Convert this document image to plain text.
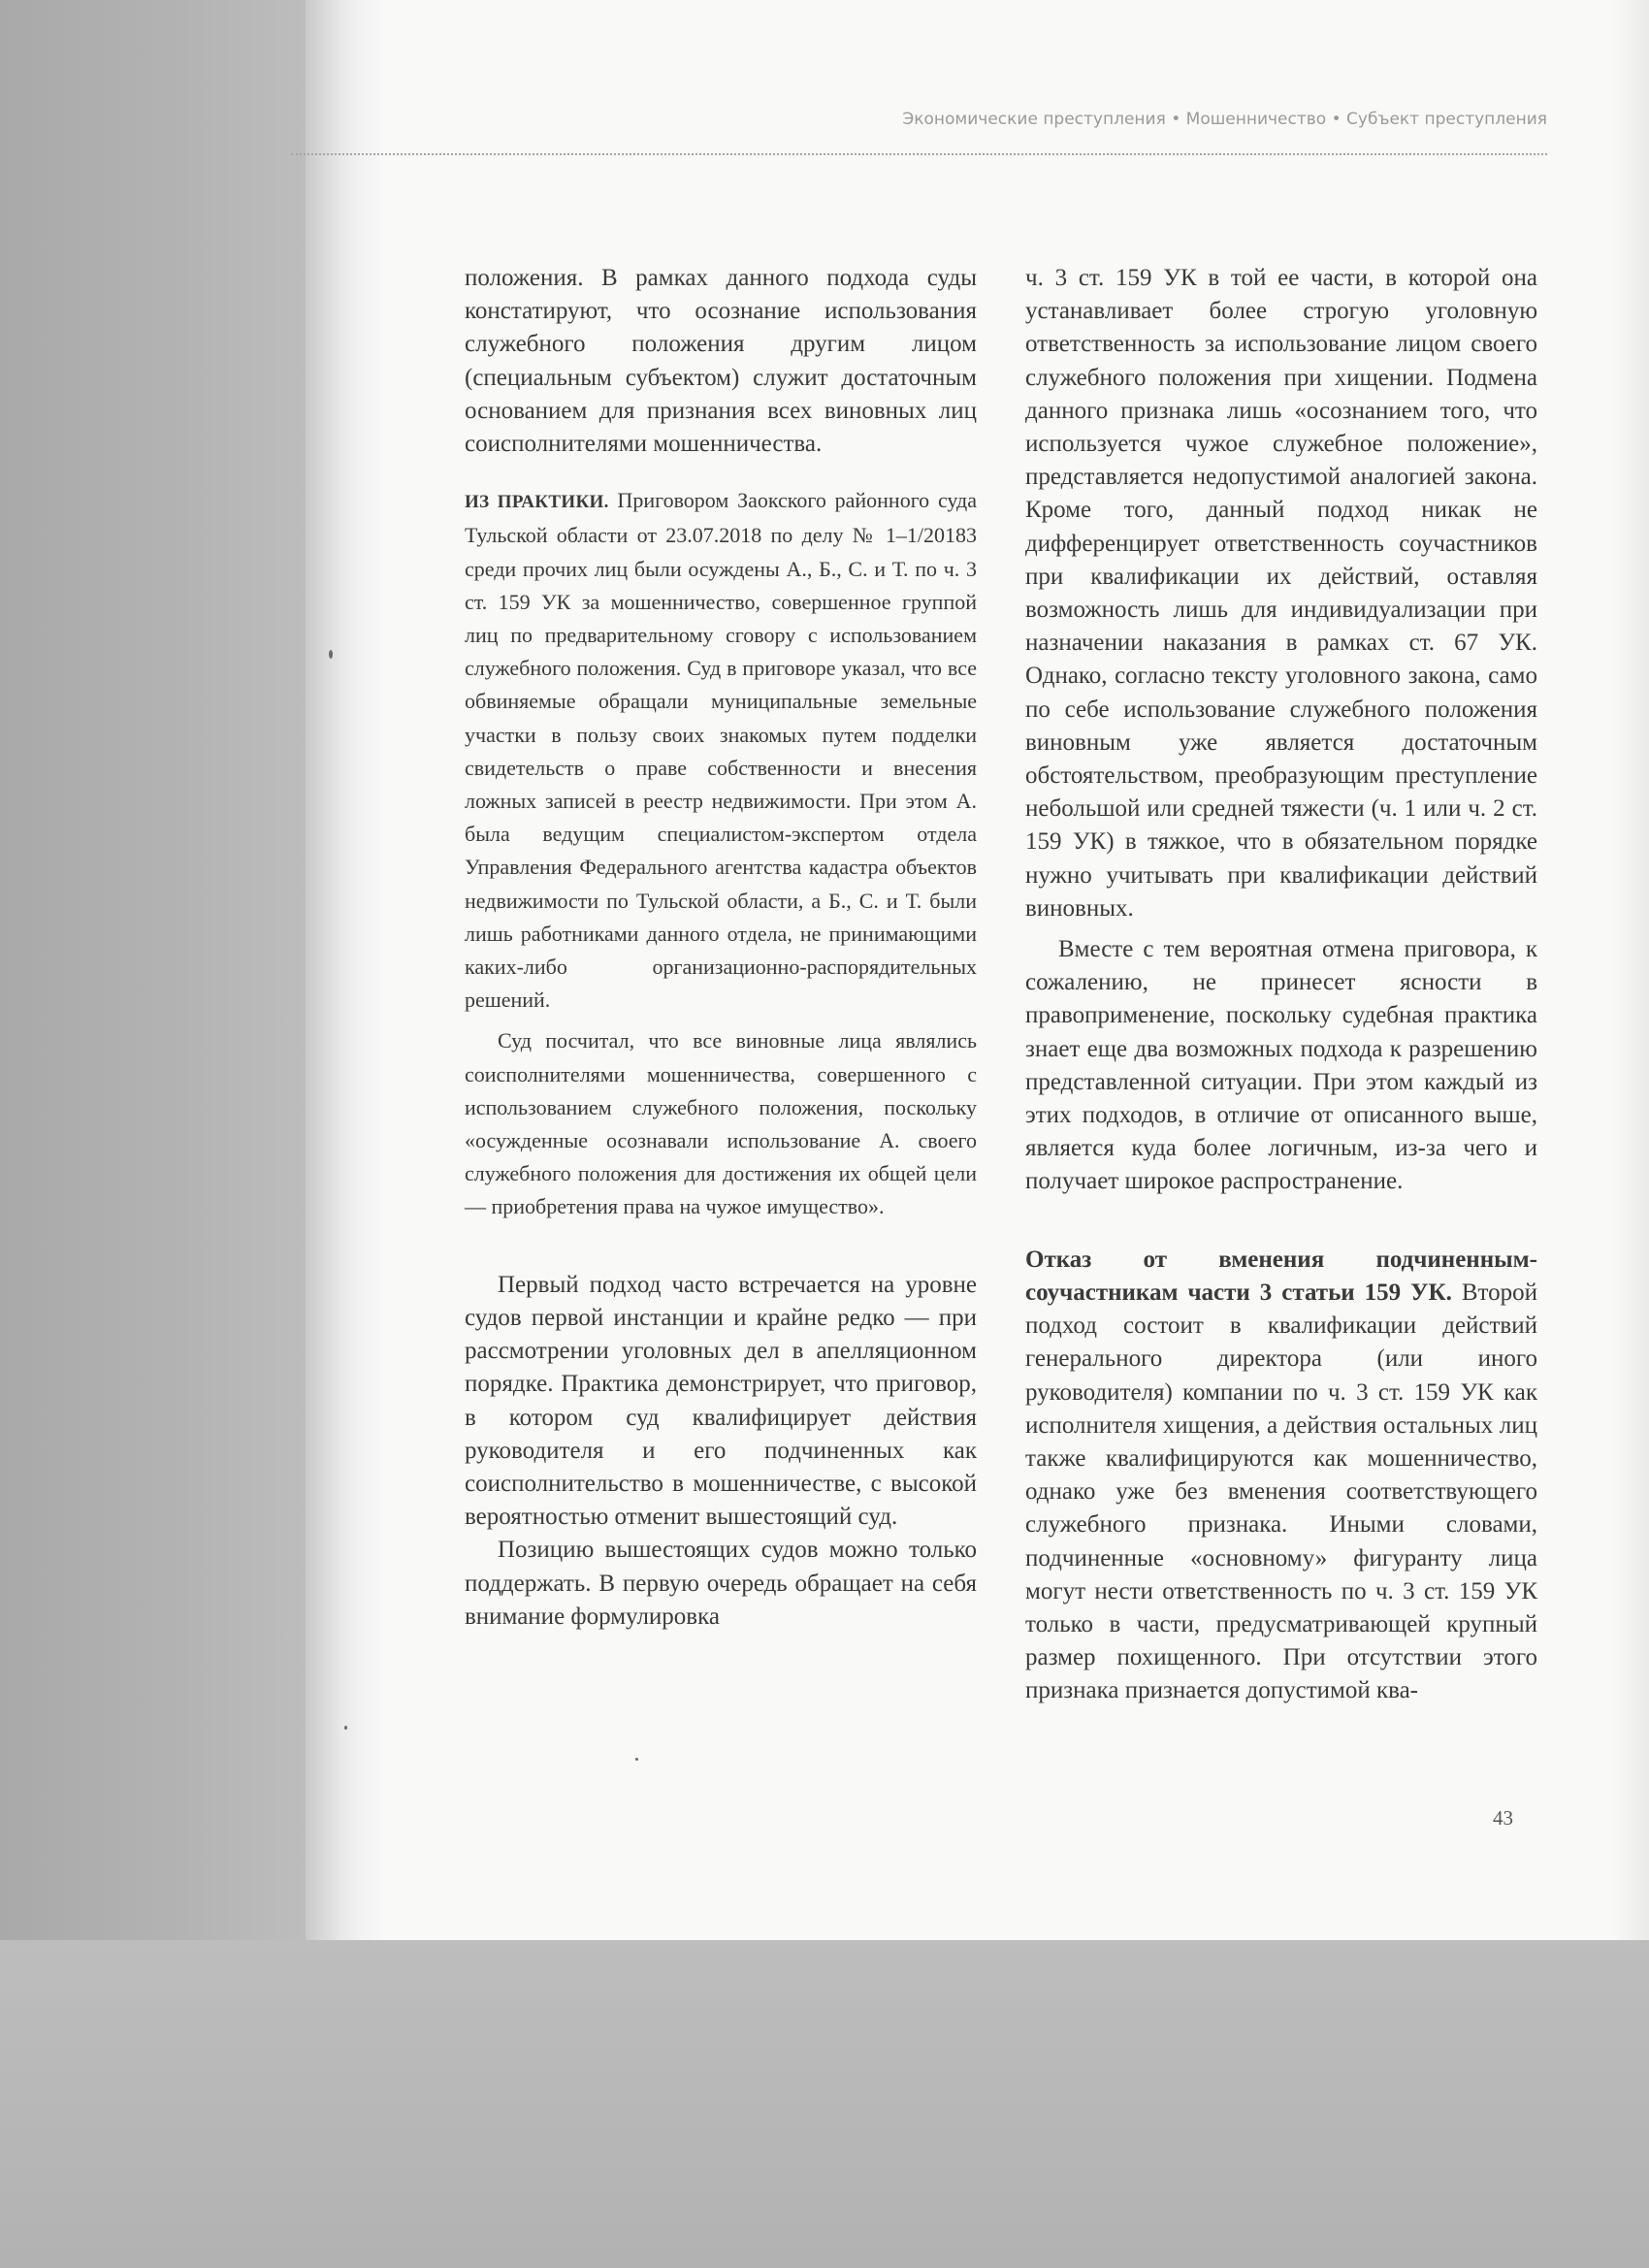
Экономические преступления • Мошенничество • Субъект преступления

положения. В рамках данного подхода суды констатируют, что осознание использования служебного положения другим лицом (специальным субъектом) служит достаточным основанием для признания всех виновных лиц соисполнителями мошенничества.

ИЗ ПРАКТИКИ. Приговором Заокского районного суда Тульской области от 23.07.2018 по делу № 1–1/20183 среди прочих лиц были осуждены А., Б., С. и Т. по ч. 3 ст. 159 УК за мошенничество, совершенное группой лиц по предварительному сговору с использованием служебного положения. Суд в приговоре указал, что все обвиняемые обращали муниципальные земельные участки в пользу своих знакомых путем подделки свидетельств о праве собственности и внесения ложных записей в реестр недвижимости. При этом А. была ведущим специалистом-экспертом отдела Управления Федерального агентства кадастра объектов недвижимости по Тульской области, а Б., С. и Т. были лишь работниками данного отдела, не принимающими каких-либо организационно-распорядительных решений.

Суд посчитал, что все виновные лица являлись соисполнителями мошенничества, совершенного с использованием служебного положения, поскольку «осужденные осознавали использование А. своего служебного положения для достижения их общей цели — приобретения права на чужое имущество».

Первый подход часто встречается на уровне судов первой инстанции и крайне редко — при рассмотрении уголовных дел в апелляционном порядке. Практика демонстрирует, что приговор, в котором суд квалифицирует действия руководителя и его подчиненных как соисполнительство в мошенничестве, с высокой вероятностью отменит вышестоящий суд.

Позицию вышестоящих судов можно только поддержать. В первую очередь обращает на себя внимание формулировка

ч. 3 ст. 159 УК в той ее части, в которой она устанавливает более строгую уголовную ответственность за использование лицом своего служебного положения при хищении. Подмена данного признака лишь «осознанием того, что используется чужое служебное положение», представляется недопустимой аналогией закона. Кроме того, данный подход никак не дифференцирует ответственность соучастников при квалификации их действий, оставляя возможность лишь для индивидуализации при назначении наказания в рамках ст. 67 УК. Однако, согласно тексту уголовного закона, само по себе использование служебного положения виновным уже является достаточным обстоятельством, преобразующим преступление небольшой или средней тяжести (ч. 1 или ч. 2 ст. 159 УК) в тяжкое, что в обязательном порядке нужно учитывать при квалификации действий виновных.

Вместе с тем вероятная отмена приговора, к сожалению, не принесет ясности в правоприменение, поскольку судебная практика знает еще два возможных подхода к разрешению представленной ситуации. При этом каждый из этих подходов, в отличие от описанного выше, является куда более логичным, из-за чего и получает широкое распространение.

Отказ от вменения подчиненным-соучастникам части 3 статьи 159 УК. Второй подход состоит в квалификации действий генерального директора (или иного руководителя) компании по ч. 3 ст. 159 УК как исполнителя хищения, а действия остальных лиц также квалифицируются как мошенничество, однако уже без вменения соответствующего служебного признака. Иными словами, подчиненные «основному» фигуранту лица могут нести ответственность по ч. 3 ст. 159 УК только в части, предусматривающей крупный размер похищенного. При отсутствии этого признака признается допустимой ква-

43
